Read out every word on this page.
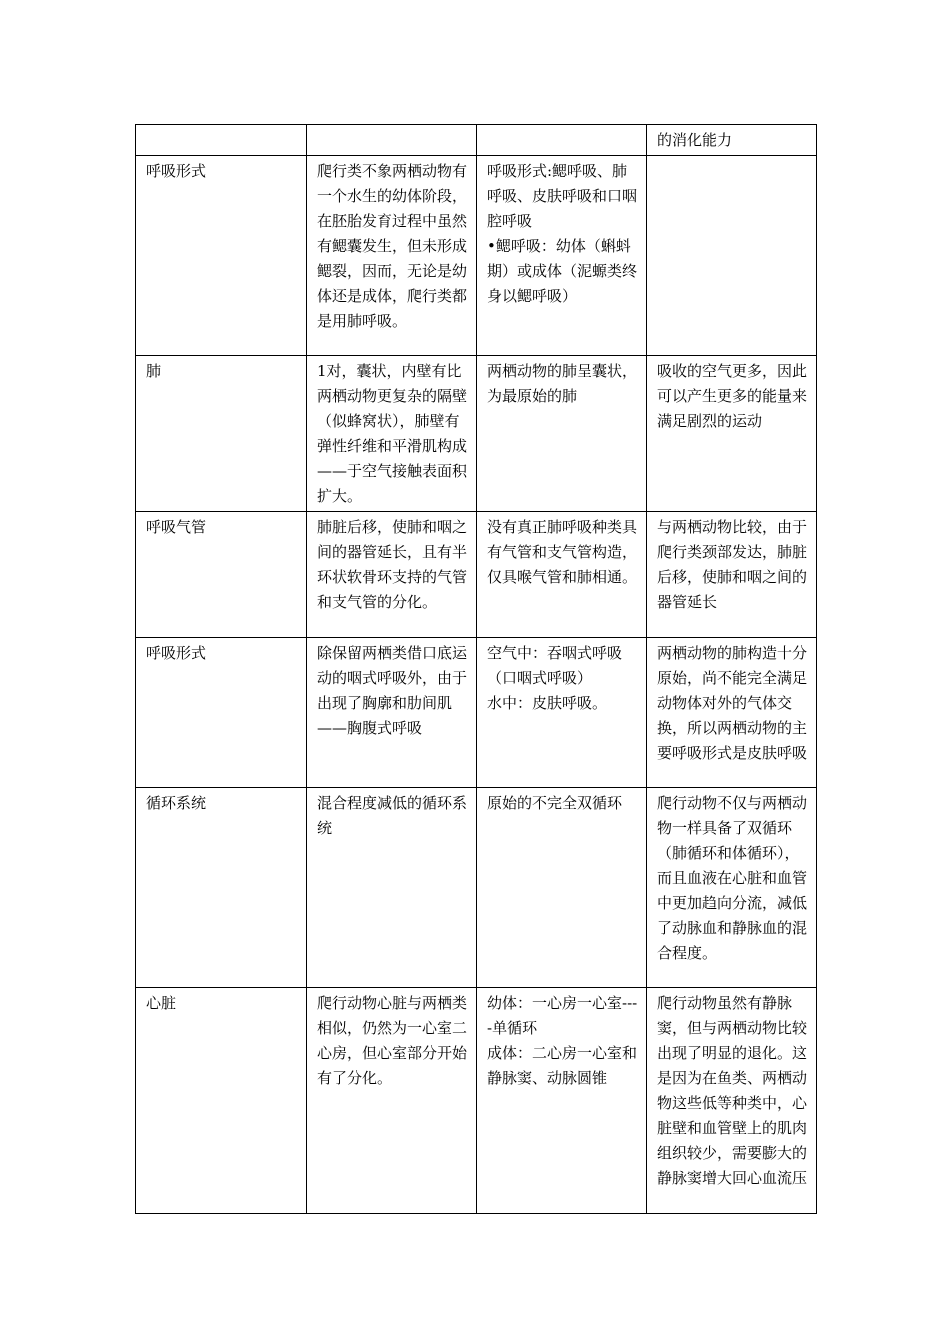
			的消化能力

呼吸形式	爬行类不象两栖动物有一个水生的幼体阶段，在胚胎发育过程中虽然有鳃囊发生，但未形成鳃裂，因而，无论是幼体还是成体，爬行类都是用肺呼吸。	呼吸形式:鳃呼吸、肺呼吸、皮肤呼吸和口咽腔呼吸
•鳃呼吸：幼体（蝌蚪期）或成体（泥螈类终身以鳃呼吸）	

肺	1对，囊状，内壁有比两栖动物更复杂的隔壁（似蜂窝状），肺壁有弹性纤维和平滑肌构成——于空气接触表面积扩大。	两栖动物的肺呈囊状，为最原始的肺	吸收的空气更多，因此可以产生更多的能量来满足剧烈的运动

呼吸气管	肺脏后移，使肺和咽之间的器管延长，且有半环状软骨环支持的气管和支气管的分化。	没有真正肺呼吸种类具有气管和支气管构造，仅具喉气管和肺相通。	与两栖动物比较，由于爬行类颈部发达，肺脏后移，使肺和咽之间的器管延长

呼吸形式	除保留两栖类借口底运动的咽式呼吸外，由于出现了胸廓和肋间肌——胸腹式呼吸	空气中：吞咽式呼吸（口咽式呼吸）
水中：皮肤呼吸。	两栖动物的肺构造十分原始，尚不能完全满足动物体对外的气体交换，所以两栖动物的主要呼吸形式是皮肤呼吸

循环系统	混合程度减低的循环系统	原始的不完全双循环	爬行动物不仅与两栖动物一样具备了双循环（肺循环和体循环），而且血液在心脏和血管中更加趋向分流，减低了动脉血和静脉血的混合程度。

心脏	爬行动物心脏与两栖类相似，仍然为一心室二心房，但心室部分开始有了分化。	幼体：一心房一心室----单循环
成体：二心房一心室和静脉窦、动脉圆锥	爬行动物虽然有静脉窦，但与两栖动物比较出现了明显的退化。这是因为在鱼类、两栖动物这些低等种类中，心脏壁和血管壁上的肌肉组织较少，需要膨大的静脉窦增大回心血流压
